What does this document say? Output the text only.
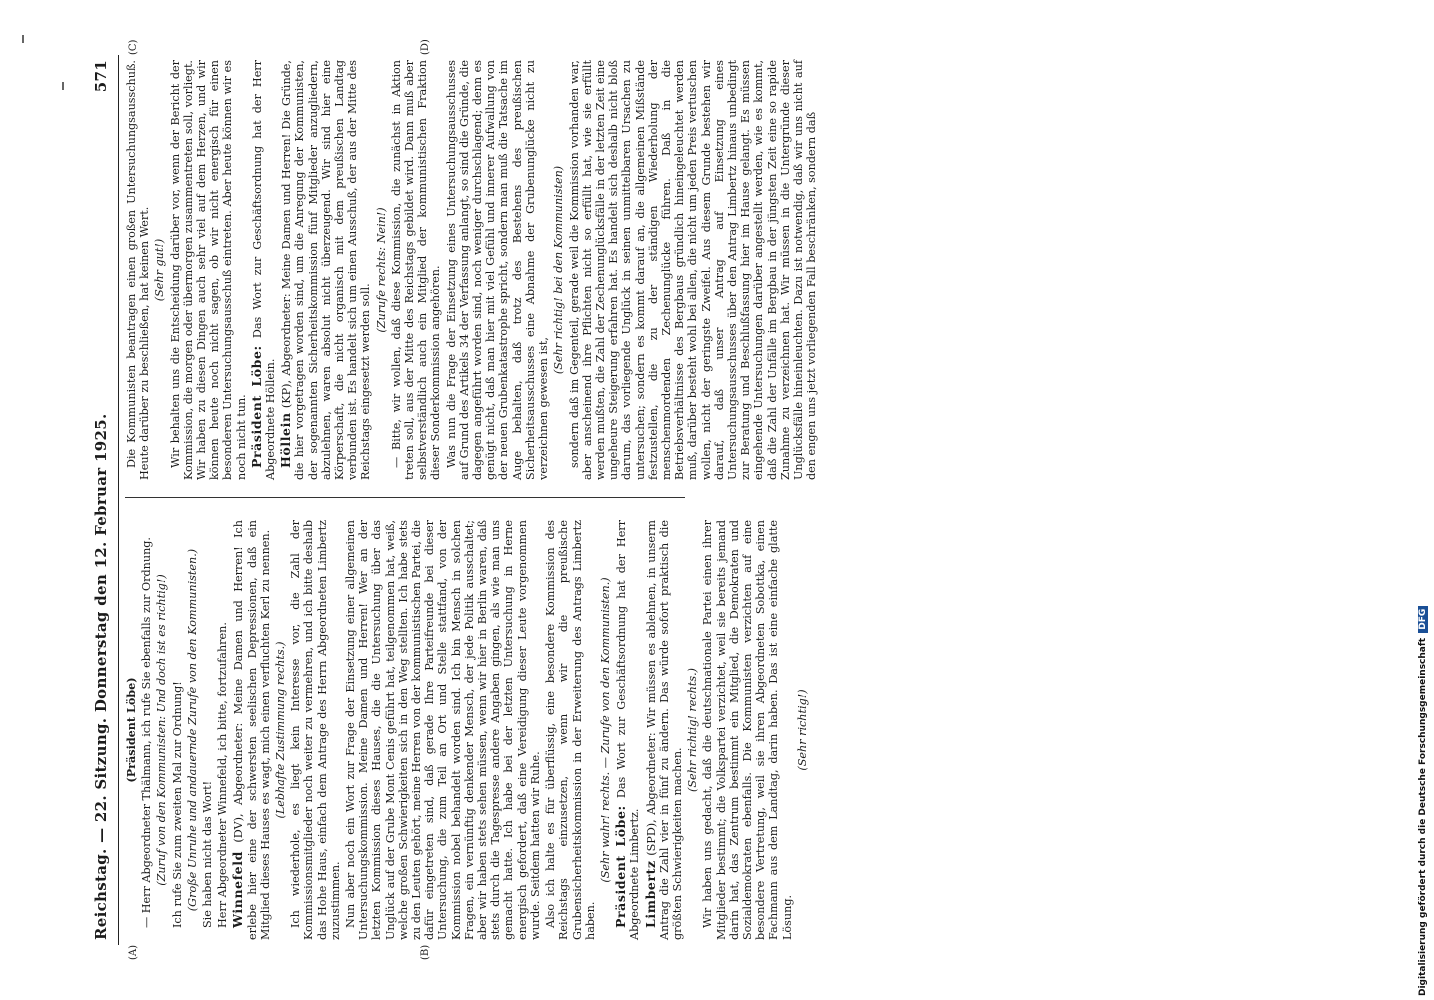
Reichstag. — 22. Sitzung. Donnerstag den 12. Februar 1925.
571
(A)	(B)
(C)	(D)

(Präsident Löbe) — Herr Abgeordneter Thälmann, ich rufe Sie ebenfalls zur Ordnung. (Zuruf von den Kommunisten: Und doch ist es richtig!) Ich rufe Sie zum zweiten Mal zur Ordnung! (Große Unruhe und andauernde Zurufe von den Kommunisten.) Sie haben nicht das Wort! Herr Abgeordneter Winnefeld, ich bitte, fortzufahren. Winnefeld (DV), Abgeordneter: Meine Damen und Herren! Ich erlebe hier eine der schwersten seelischen Depressionen, daß ein Mitglied dieses Hauses es wagt, mich einen verfluchten Kerl zu nennen. (Lebhafte Zustimmung rechts.) Ich wiederhole, es liegt kein Interesse vor, die Zahl der Kommissionsmitglieder noch weiter zu vermehren, und ich bitte deshalb das Hohe Haus, einfach dem Antrage des Herrn Abgeordneten Limbertz zuzustimmen. Nun aber noch ein Wort zur Frage der Einsetzung einer allgemeinen Untersuchungskommission. Meine Damen und Herren! Wer an der letzten Kommission dieses Hauses, die die Untersuchung über das Unglück auf der Grube Mont Cenis geführt hat, teilgenommen hat, weiß, welche großen Schwierigkeiten sich in den Weg stellten. Ich habe stets zu den Leuten gehört, meine Herren von der kommunistischen Partei, die dafür eingetreten sind, daß gerade Ihre Parteifreunde bei dieser Untersuchung, die zum Teil an Ort und Stelle stattfand, von der Kommission nobel behandelt worden sind. Ich bin Mensch in solchen Fragen, ein vernünftig denkender Mensch, der jede Politik ausschaltet; aber wir haben stets sehen müssen, wenn wir hier in Berlin waren, daß stets durch die Tagespresse andere Angaben gingen, als wie man uns gemacht hatte. Ich habe bei der letzten Untersuchung in Herne energisch gefordert, daß eine Vereidigung dieser Leute vorgenommen wurde. Seitdem hatten wir Ruhe. Also ich halte es für überflüssig, eine besondere Kommission des Reichstags einzusetzen, wenn wir die preußische Grubensicherheitskommission in der Erweiterung des Antrags Limbertz haben.

(Sehr wahr! rechts. — Zurufe von den Kommunisten.) Präsident Löbe: Das Wort zur Geschäftsordnung hat der Herr Abgeordnete Limbertz. Limbertz (SPD), Abgeordneter: Wir müssen es ablehnen, in unserm Antrag die Zahl vier in fünf zu ändern. Das würde sofort praktisch die größten Schwierigkeiten machen.

(Sehr richtig! rechts.) Wir haben uns gedacht, daß die deutschnationale Partei einen ihrer Mitglieder bestimmt; die Volkspartei verzichtet, weil sie bereits jemand darin hat, das Zentrum bestimmt ein Mitglied, die Demokraten und Sozialdemokraten ebenfalls. Die Kommunisten verzichten auf eine besondere Vertretung, weil sie ihren Abgeordneten Sobottka, einen Fachmann aus dem Landtag, darin haben. Das ist eine einfache glatte Lösung.

(Sehr richtig!)

Die Kommunisten beantragen einen großen Untersuchungsausschuß. Heute darüber zu beschließen, hat keinen Wert. (Sehr gut!) Wir behalten uns die Entscheidung darüber vor, wenn der Bericht der Kommission, die morgen oder übermorgen zusammentreten soll, vorliegt. Wir haben zu diesen Dingen auch sehr viel auf dem Herzen, und wir können heute noch nicht sagen, ob wir nicht energisch für einen besonderen Untersuchungsausschuß eintreten. Aber heute können wir es noch nicht tun. Präsident Löbe: Das Wort zur Geschäftsordnung hat der Herr Abgeordnete Höllein. Höllein (KP), Abgeordneter: Meine Damen und Herren! Die Gründe, die hier vorgetragen worden sind, um die Anregung der Kommunisten, der sogenannten Sicherheitskommission fünf Mitglieder anzugliedern, abzulehnen, waren absolut nicht überzeugend. Wir sind hier eine Körperschaft, die nicht organisch mit dem preußischen Landtag verbunden ist. Es handelt sich um einen Ausschuß, der aus der Mitte des Reichstags eingesetzt werden soll.

(Zurufe rechts: Nein!) — Bitte, wir wollen, daß diese Kommission, die zunächst in Aktion treten soll, aus der Mitte des Reichstags gebildet wird. Dann muß aber selbstverständlich auch ein Mitglied der kommunistischen Fraktion dieser Sonderkommission angehören. Was nun die Frage der Einsetzung eines Untersuchungsausschusses auf Grund des Artikels 34 der Verfassung anlangt, so sind die Gründe, die dagegen angeführt worden sind, noch weniger durchschlagend; denn es genügt nicht, daß man hier mit viel Gefühl und innerer Aufwallung von der neuen Grubenkatastrophe spricht, sondern man muß die Tatsache im Auge behalten, daß trotz des Bestehens des preußischen Sicherheitsausschusses eine Abnahme der Grubenunglücke nicht zu verzeichnen gewesen ist,

(Sehr richtig! bei den Kommunisten) sondern daß im Gegenteil, gerade weil die Kommission vorhanden war, aber anscheinend ihre Pflichten nicht so erfüllt hat, wie sie erfüllt werden mußten, die Zahl der Zechenunglücksfälle in der letzten Zeit eine ungeheure Steigerung erfahren hat. Es handelt sich deshalb nicht bloß darum, das vorliegende Unglück in seinen unmittelbaren Ursachen zu untersuchen; sondern es kommt darauf an, die allgemeinen Mißstände festzustellen, die zu der ständigen Wiederholung der menschenmordenden Zechenunglücke führen. Daß in die Betriebsverhältnisse des Bergbaus gründlich hineingeleuchtet werden muß, darüber besteht wohl bei allen, die nicht um jeden Preis vertuschen wollen, nicht der geringste Zweifel. Aus diesem Grunde bestehen wir darauf, daß unser Antrag auf Einsetzung eines Untersuchungsausschusses über den Antrag Limbertz hinaus unbedingt zur Beratung und Beschlußfassung hier im Hause gelangt. Es müssen eingehende Untersuchungen darüber angestellt werden, wie es kommt, daß die Zahl der Unfälle im Bergbau in der jüngsten Zeit eine so rapide Zunahme zu verzeichnen hat. Wir müssen in die Untergründe dieser Unglücksfälle hineinleuchten. Dazu ist notwendig, daß wir uns nicht auf den engen uns jetzt vorliegenden Fall beschränken, sondern daß

Digitalisierung gefördert durch die Deutsche Forschungsgemeinschaft DFG
